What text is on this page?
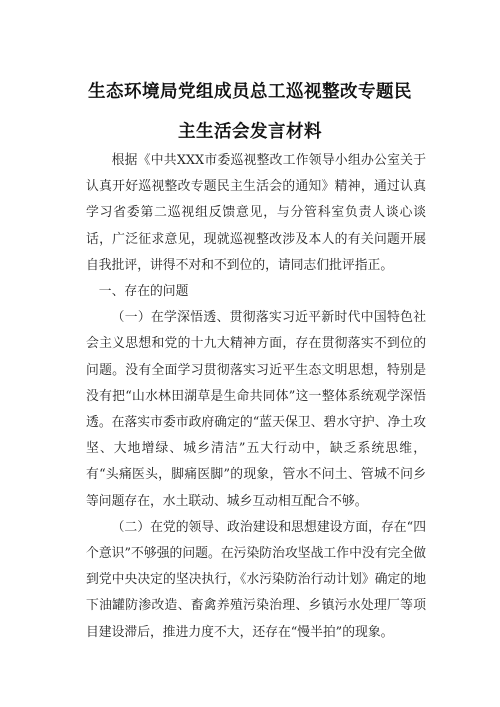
生态环境局党组成员总工巡视整改专题民
主生活会发言材料

根据《中共XXX市委巡视整改工作领导小组办公室关于认真开好巡视整改专题民主生活会的通知》精神，通过认真学习省委第二巡视组反馈意见，与分管科室负责人谈心谈话，广泛征求意见，现就巡视整改涉及本人的有关问题开展自我批评，讲得不对和不到位的，请同志们批评指正。

一、存在的问题

（一）在学深悟透、贯彻落实习近平新时代中国特色社会主义思想和党的十九大精神方面，存在贯彻落实不到位的问题。没有全面学习贯彻落实习近平生态文明思想，特别是没有把“山水林田湖草是生命共同体”这一整体系统观学深悟透。在落实市委市政府确定的“蓝天保卫、碧水守护、净土攻坚、大地增绿、城乡清洁”五大行动中，缺乏系统思维，有“头痛医头，脚痛医脚”的现象，管水不问土、管城不问乡等问题存在，水土联动、城乡互动相互配合不够。

（二）在党的领导、政治建设和思想建设方面，存在“四个意识”不够强的问题。在污染防治攻坚战工作中没有完全做到党中央决定的坚决执行，《水污染防治行动计划》确定的地下油罐防渗改造、畜禽养殖污染治理、乡镇污水处理厂等项目建设滞后，推进力度不大，还存在“慢半拍”的现象。
